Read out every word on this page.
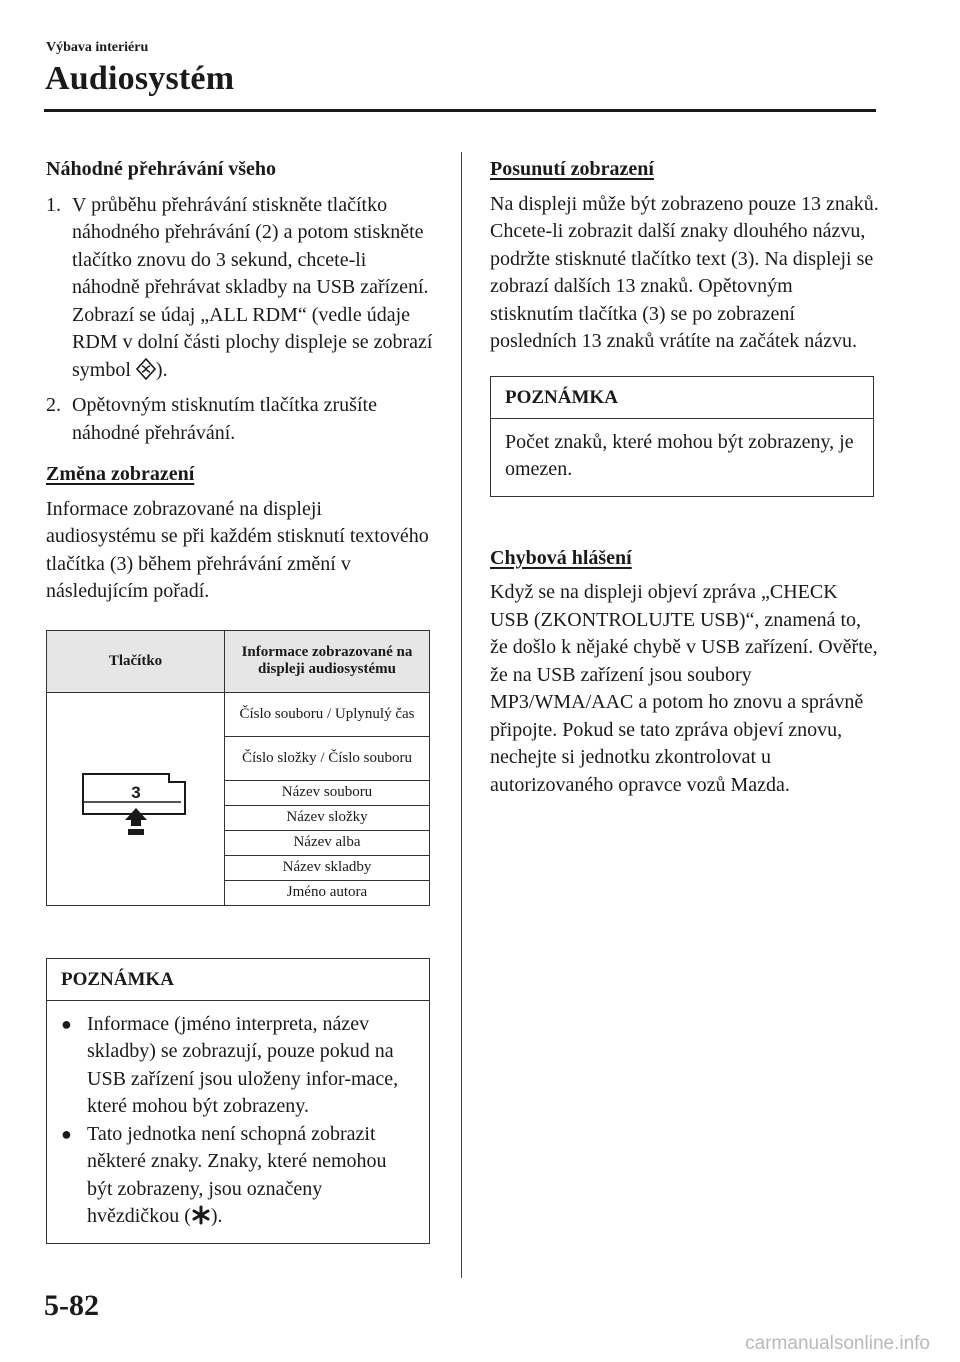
Výbava interiéru
Audiosystém
Náhodné přehrávání všeho
1. V průběhu přehrávání stiskněte tlačítko náhodného přehrávání (2) a potom stiskněte tlačítko znovu do 3 sekund, chcete-li náhodně přehrávat skladby na USB zařízení. Zobrazí se údaj „ALL RDM“ (vedle údaje RDM v dolní části plochy displeje se zobrazí symbol ).
2. Opětovným stisknutím tlačítka zrušíte náhodné přehrávání.
Změna zobrazení

Informace zobrazované na displeji audiosystému se při každém stisknutí textového tlačítka (3) během přehrávání změní v následujícím pořadí.

Tlačítko	Informace zobrazované na displeji audiosystému

3	Číslo souboru / Uplynulý čas
	Číslo složky / Číslo souboru
	Název souboru
	Název složky
	Název alba
	Název skladby
	Jméno autora
POZNÁMKA
● Informace (jméno interpreta, název skladby) se zobrazují, pouze pokud na USB zařízení jsou uloženy infor-mace, které mohou být zobrazeny.
● Tato jednotka není schopná zobrazit některé znaky. Znaky, které nemohou být zobrazeny, jsou označeny hvězdičkou ( ).
Posunutí zobrazení

Na displeji může být zobrazeno pouze 13 znaků. Chcete-li zobrazit další znaky dlouhého názvu, podržte stisknuté tlačítko text (3). Na displeji se zobrazí dalších 13 znaků. Opětovným stisknutím tlačítka (3) se po zobrazení posledních 13 znaků vrátíte na začátek názvu.

POZNÁMKA
Počet znaků, které mohou být zobrazeny, je omezen.
Chybová hlášení

Když se na displeji objeví zpráva „CHECK USB (ZKONTROLUJTE USB)“, znamená to, že došlo k nějaké chybě v USB zařízení. Ověřte, že na USB zařízení jsou soubory MP3/WMA/AAC a potom ho znovu a správně připojte. Pokud se tato zpráva objeví znovu, nechejte si jednotku zkontrolovat u autorizovaného opravce vozů Mazda.

5-82
carmanualsonline.info
